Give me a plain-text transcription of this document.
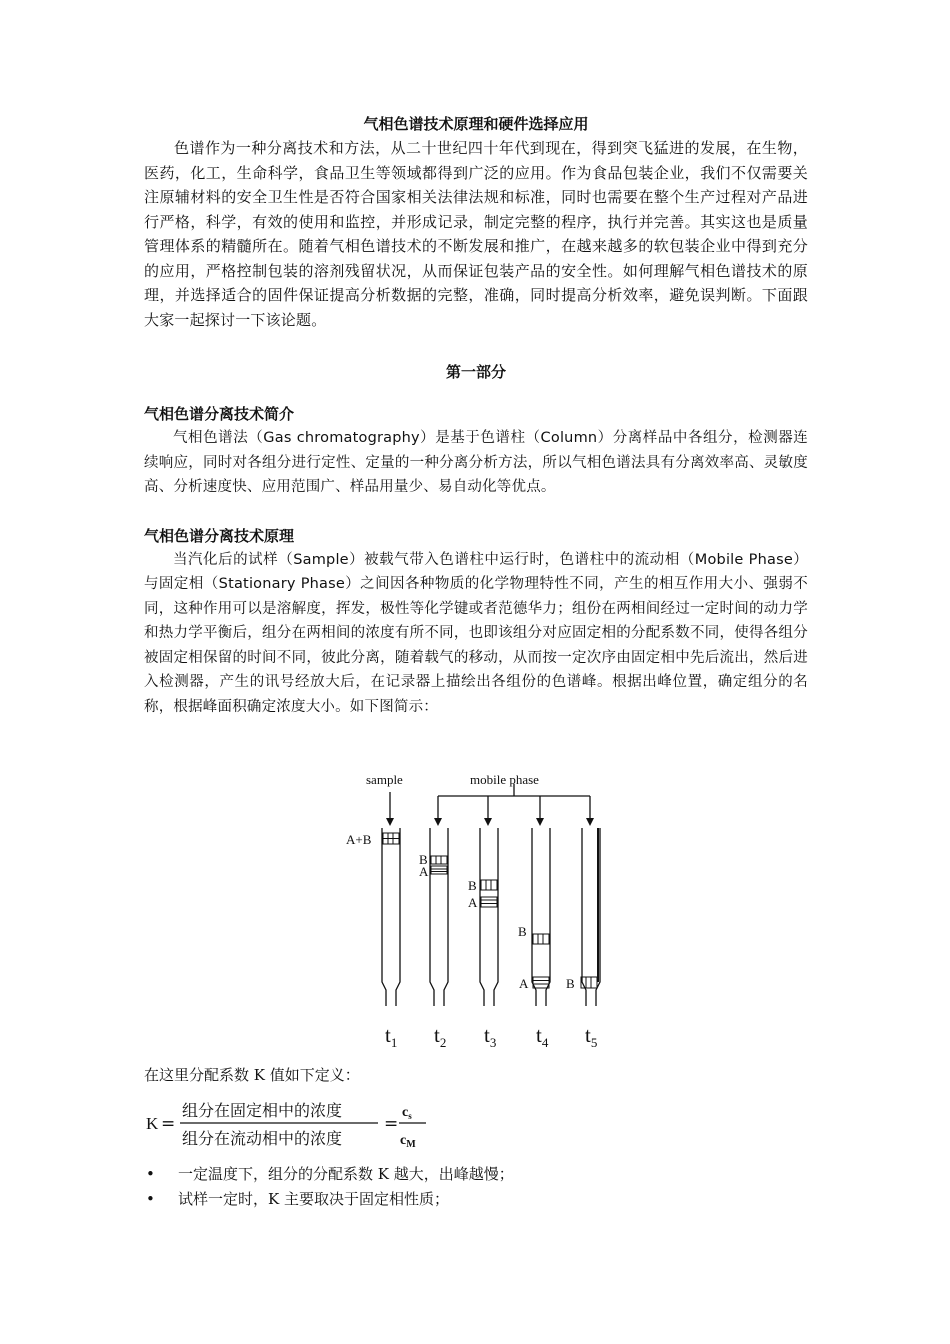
气相色谱技术原理和硬件选择应用

色谱作为一种分离技术和方法，从二十世纪四十年代到现在，得到突飞猛进的发展，在生物，医药，化工，生命科学，食品卫生等领域都得到广泛的应用。作为食品包装企业，我们不仅需要关注原辅材料的安全卫生性是否符合国家相关法律法规和标准，同时也需要在整个生产过程对产品进行严格，科学，有效的使用和监控，并形成记录，制定完整的程序，执行并完善。其实这也是质量管理体系的精髓所在。随着气相色谱技术的不断发展和推广，在越来越多的软包装企业中得到充分的应用，严格控制包装的溶剂残留状况，从而保证包装产品的安全性。如何理解气相色谱技术的原理，并选择适合的固件保证提高分析数据的完整，准确，同时提高分析效率，避免误判断。下面跟大家一起探讨一下该论题。

第一部分

气相色谱分离技术简介

气相色谱法（Gas chromatography）是基于色谱柱（Column）分离样品中各组分，检测器连续响应，同时对各组分进行定性、定量的一种分离分析方法，所以气相色谱法具有分离效率高、灵敏度高、分析速度快、应用范围广、样品用量少、易自动化等优点。

气相色谱分离技术原理

当汽化后的试样（Sample）被载气带入色谱柱中运行时，色谱柱中的流动相（Mobile Phase）与固定相（Stationary Phase）之间因各种物质的化学物理特性不同，产生的相互作用大小、强弱不同，这种作用可以是溶解度，挥发，极性等化学键或者范德华力；组份在两相间经过一定时间的动力学和热力学平衡后，组分在两相间的浓度有所不同，也即该组分对应固定相的分配系数不同，使得各组分被固定相保留的时间不同，彼此分离，随着载气的移动，从而按一定次序由固定相中先后流出，然后进入检测器，产生的讯号经放大后，在记录器上描绘出各组份的色谱峰。根据出峰位置，确定组分的名称，根据峰面积确定浓度大小。如下图简示：

sample	mobile phase
A+B
B
A
B
A
B
A	B
$t_1$ $t_2$ $t_3$ $t_4$ $t_5$

在这里分配系数 K 值如下定义：

K =
组分在固定相中的浓度
组分在流动相中的浓度
=
$c_s$
$c_M$
• 一定温度下，组分的分配系数 K 越大，出峰越慢；
• 试样一定时，K 主要取决于固定相性质；
